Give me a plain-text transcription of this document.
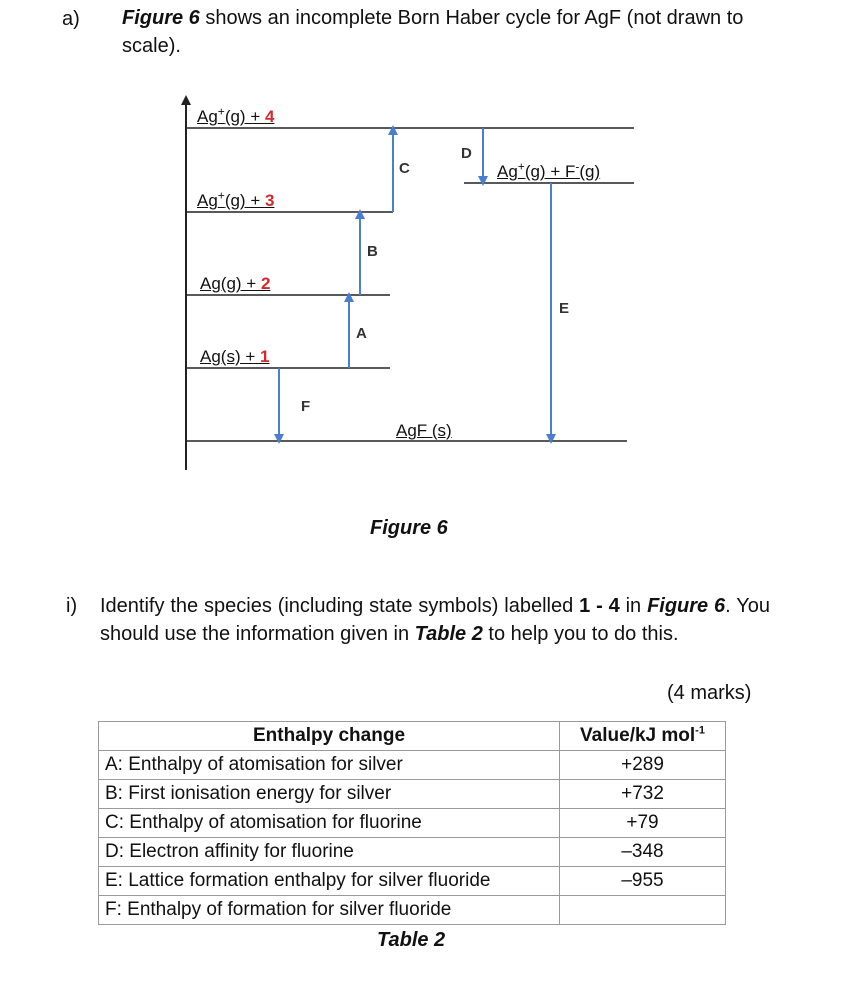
a) Figure 6 shows an incomplete Born Haber cycle for AgF (not drawn to scale).
Ag+(g) + 4
Ag+(g) + 3
Ag(g) + 2
Ag(s) + 1
Ag+(g) + F-(g)
AgF (s)
A
B
C
D
E
F
Figure 6
i) Identify the species (including state symbols) labelled 1 - 4 in Figure 6. You should use the information given in Table 2 to help you to do this.
(4 marks)
Enthalpy change	Value/kJ mol$^{-1}$
A: Enthalpy of atomisation for silver	+289
B: First ionisation energy for silver	+732
C: Enthalpy of atomisation for fluorine	+79
D: Electron affinity for fluorine	–348
E: Lattice formation enthalpy for silver fluoride	–955
F: Enthalpy of formation for silver fluoride	
Table 2
